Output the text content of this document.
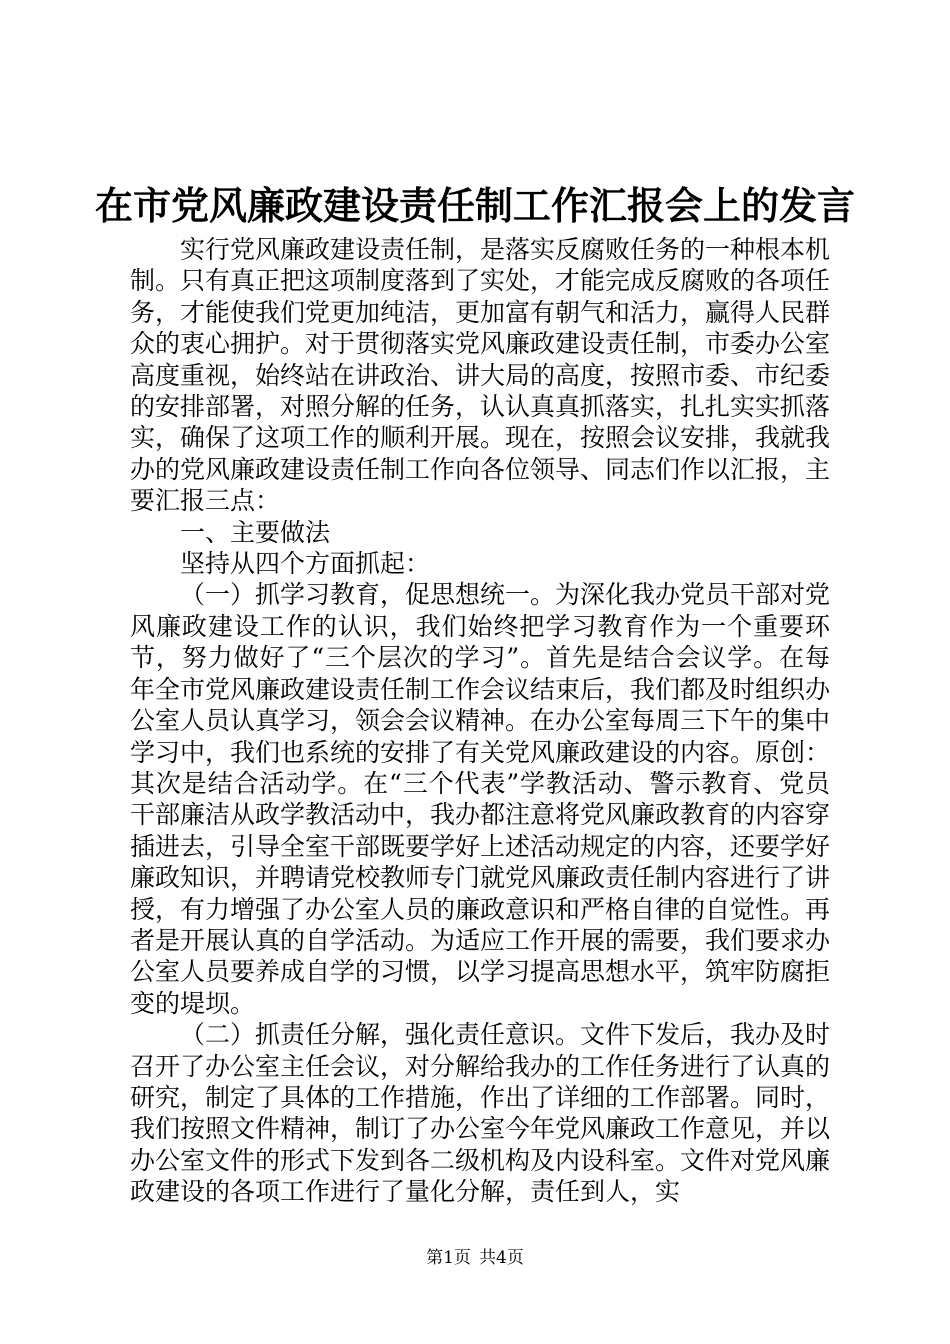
在市党风廉政建设责任制工作汇报会上的发言

实行党风廉政建设责任制，是落实反腐败任务的一种根本机制。只有真正把这项制度落到了实处，才能完成反腐败的各项任务，才能使我们党更加纯洁，更加富有朝气和活力，赢得人民群众的衷心拥护。对于贯彻落实党风廉政建设责任制，市委办公室高度重视，始终站在讲政治、讲大局的高度，按照市委、市纪委的安排部署，对照分解的任务，认认真真抓落实，扎扎实实抓落实，确保了这项工作的顺利开展。现在，按照会议安排，我就我办的党风廉政建设责任制工作向各位领导、同志们作以汇报，主要汇报三点：

一、主要做法

坚持从四个方面抓起：

（一）抓学习教育，促思想统一。为深化我办党员干部对党风廉政建设工作的认识，我们始终把学习教育作为一个重要环节，努力做好了“三个层次的学习”。首先是结合会议学。在每年全市党风廉政建设责任制工作会议结束后，我们都及时组织办公室人员认真学习，领会会议精神。在办公室每周三下午的集中学习中，我们也系统的安排了有关党风廉政建设的内容。原创：其次是结合活动学。在“三个代表”学教活动、警示教育、党员干部廉洁从政学教活动中，我办都注意将党风廉政教育的内容穿插进去，引导全室干部既要学好上述活动规定的内容，还要学好廉政知识，并聘请党校教师专门就党风廉政责任制内容进行了讲授，有力增强了办公室人员的廉政意识和严格自律的自觉性。再者是开展认真的自学活动。为适应工作开展的需要，我们要求办公室人员要养成自学的习惯，以学习提高思想水平，筑牢防腐拒变的堤坝。

（二）抓责任分解，强化责任意识。文件下发后，我办及时召开了办公室主任会议，对分解给我办的工作任务进行了认真的研究，制定了具体的工作措施，作出了详细的工作部署。同时，我们按照文件精神，制订了办公室今年党风廉政工作意见，并以办公室文件的形式下发到各二级机构及内设科室。文件对党风廉政建设的各项工作进行了量化分解，责任到人，实

第1页 共4页
